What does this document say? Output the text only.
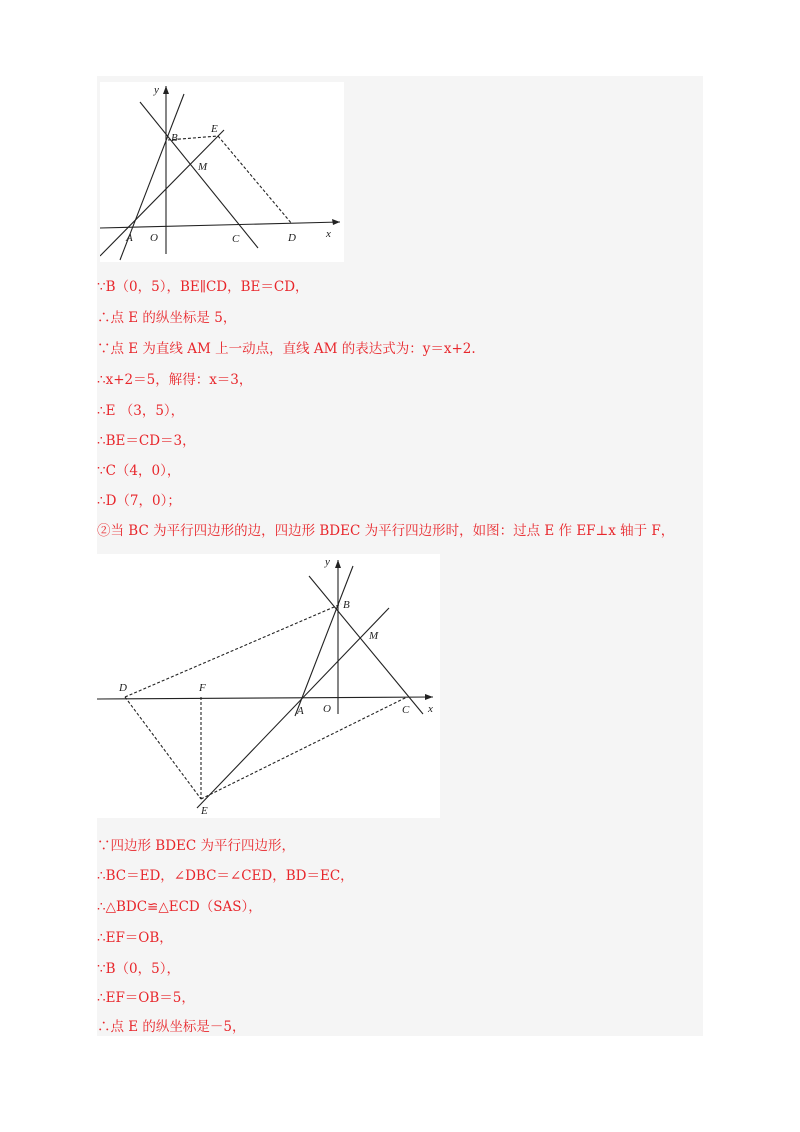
y
x
B
E
M
A O	C	D
∵B（0，5），BE∥CD，BE＝CD，
∴点 E 的纵坐标是 5，
∵点 E 为直线 AM 上一动点，直线 AM 的表达式为：y＝x+2.
∴x+2＝5，解得：x＝3，
∴E （3，5），
∴BE＝CD＝3，
∵C（4，0），
∴D（7，0）；
②当 BC 为平行四边形的边，四边形 BDEC 为平行四边形时，如图：过点 E 作 EF⊥x 轴于 F，
y
x
B
M
D	F
A O	C
E
∵四边形 BDEC 为平行四边形，
∴BC＝ED，∠DBC＝∠CED，BD＝EC，
∴△BDC≌△ECD（SAS），
∴EF＝OB，
∵B（0，5），
∴EF＝OB＝5，
∴点 E 的纵坐标是－5，
